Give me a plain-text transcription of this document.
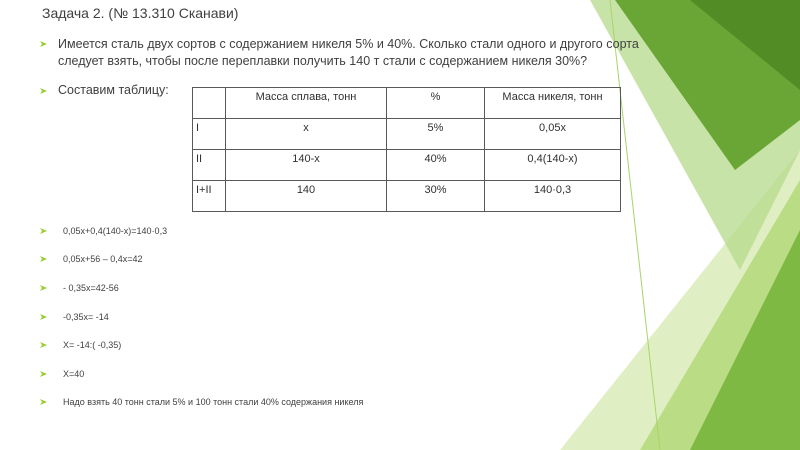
Задача 2. (№ 13.310 Сканави)
Имеется сталь двух сортов с содержанием никеля 5% и 40%. Сколько стали одного и другого сорта следует взять, чтобы после переплавки получить 140 т стали с содержанием никеля 30%?
Составим таблицу:
		Масса сплава, тонн	%	Масса никеля, тонн
I	х	5%	0,05х
II	140-х	40%	0,4(140-х)
I+II	140	30%	140·0,3
0,05х+0,4(140-х)=140·0,3
0,05х+56 – 0,4х=42
- 0,35х=42-56
-0,35х= -14
Х= -14:( -0,35)
Х=40
Надо взять 40 тонн стали 5% и 100 тонн стали 40% содержания никеля
